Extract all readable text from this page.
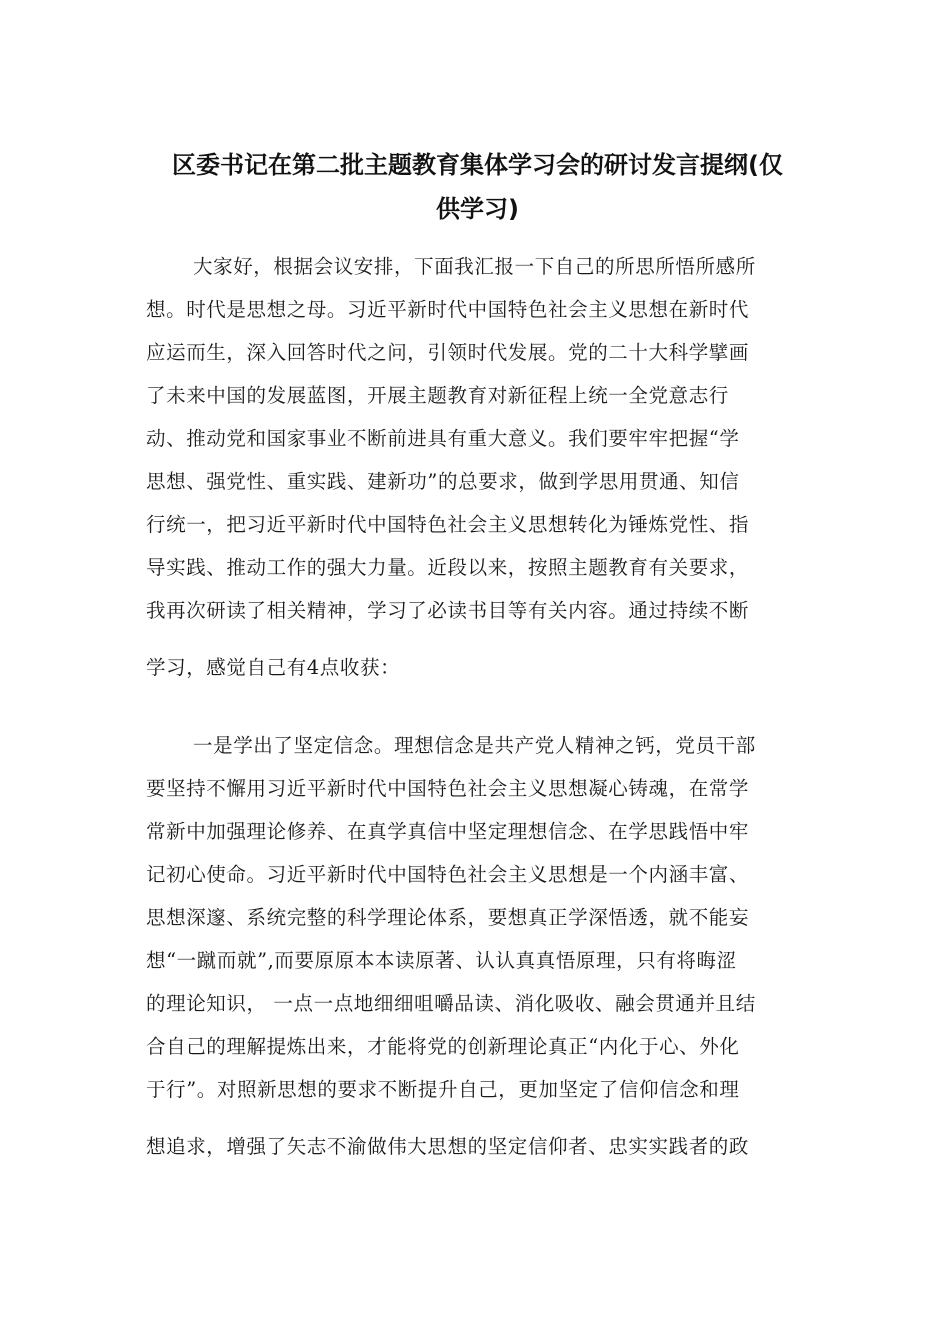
区委书记在第二批主题教育集体学习会的研讨发言提纲(仅
供学习)
大家好，根据会议安排，下面我汇报一下自己的所思所悟所感所
想。时代是思想之母。习近平新时代中国特色社会主义思想在新时代
应运而生，深入回答时代之问，引领时代发展。党的二十大科学擘画
了未来中国的发展蓝图，开展主题教育对新征程上统一全党意志行
动、推动党和国家事业不断前进具有重大意义。我们要牢牢把握“学
思想、强党性、重实践、建新功”的总要求，做到学思用贯通、知信
行统一，把习近平新时代中国特色社会主义思想转化为锤炼党性、指
导实践、推动工作的强大力量。近段以来，按照主题教育有关要求，
我再次研读了相关精神，学习了必读书目等有关内容。通过持续不断
学习，感觉自己有4点收获：
一是学出了坚定信念。理想信念是共产党人精神之钙，党员干部
要坚持不懈用习近平新时代中国特色社会主义思想凝心铸魂，在常学
常新中加强理论修养、在真学真信中坚定理想信念、在学思践悟中牢
记初心使命。习近平新时代中国特色社会主义思想是一个内涵丰富、
思想深邃、系统完整的科学理论体系，要想真正学深悟透，就不能妄
想“一蹴而就”,而要原原本本读原著、认认真真悟原理，只有将晦涩
的理论知识， 一点一点地细细咀嚼品读、消化吸收、融会贯通并且结
合自己的理解提炼出来，才能将党的创新理论真正“内化于心、外化
于行”。对照新思想的要求不断提升自己，更加坚定了信仰信念和理
想追求，增强了矢志不渝做伟大思想的坚定信仰者、忠实实践者的政
